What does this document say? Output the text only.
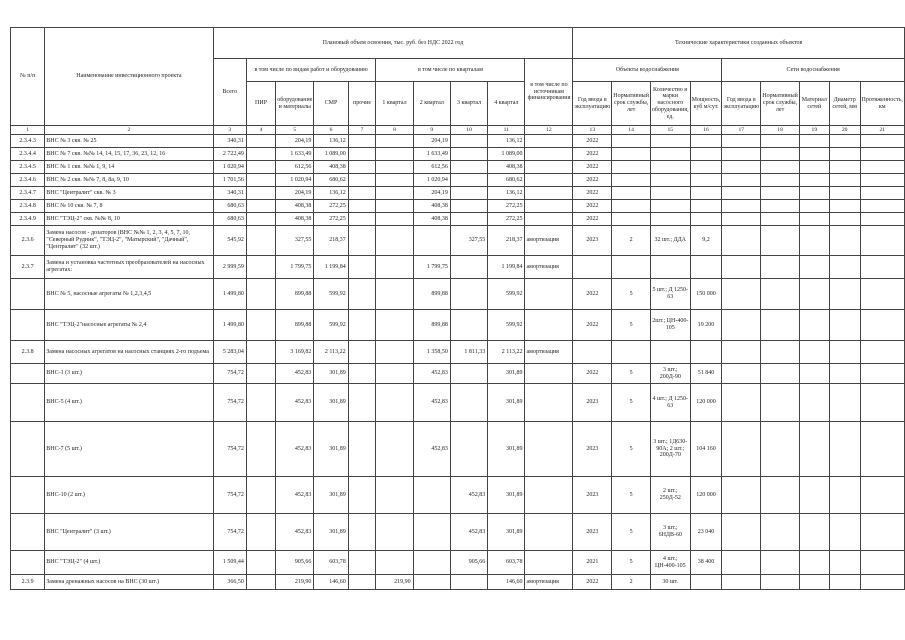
№ п/п	Наименование инвестиционного проекта	Плановый объем освоения, тыс. руб. без НДС 2022 год										Технические характеристики созданных объектов								
		Всего	в том числе по видам работ и оборудованию				в том числе по кварталам				в том числе по источникам финансирования	Объекты водоснабжения				Сети водоснабжения				
			ПИР	оборудование и материалы	СМР	прочие	1 квартал	2 квартал	3 квартал	4 квартал		Год ввода в эксплуатацию	Нормативный срок службы, лет	Количество и марки насосного оборудования, ед.	Мощность, куб м/сут.	Год ввода в эксплуатацию	Нормативный срок службы, лет	Материал сетей	Диаметр сетей, мм	Протяженность, км
1	2	3	4	5	6	7	8	9	10	11	12	13	14	15	16	17	18	19	20	21
2.3.4.3	ВНС № 3 скв. № 25	340,31		204,19	136,12			204,19		136,12		2022								
2.3.4.4	ВНС № 7 скв. №№ 14, 14, 15, 17, 36, 23, 12, 16	2 722,49		1 633,49	1 089,00			1 633,49		1 089,00		2022								
2.3.4.5	ВНС № 1 скв. №№ 1, 9, 14	1 020,94		612,56	408,38			612,56		408,38		2022								
2.3.4.6	ВНС № 2 скв. №№ 7, 8, 8а, 9, 10	1 701,56		1 020,94	680,62			1 020,94		680,62		2022								
2.3.4.7	ВНС "Централит" скв. № 3	340,31		204,19	136,12			204,19		136,12		2022								
2.3.4.8	ВНС № 10 скв. № 7, 8	680,63		408,38	272,25			408,38		272,25		2022								
2.3.4.9	ВНС "ТЭЦ-2" скв. №№ 8, 10	680,63		408,38	272,25			408,38		272,25		2022								
2.3.6	Замена насосов - дозаторов (ВНС №№ 1, 2, 3, 4, 5, 7, 10, "Северный Рудник", "ТЭЦ-2", "Матырский", "Дачный", "Централит" (32 шт.)	545,92		327,55	218,37				327,55	218,37	амортизация	2023	2	32 шт.; ДДА	9,2					
2.3.7	Замена и установка частотных преобразователей на насосных агрегатах:	2 999,59		1 799,75	1 199,84			1 799,75		1 199,84	амортизация									
	ВНС № 5, насосные агрегаты № 1,2,3,4,5	1 499,80		899,88	599,92			899,88		599,92		2022	5	5 шт.; Д 1250-63	150 000					
	ВНС "ТЭЦ-2"насосные агрегаты № 2,4	1 499,80		899,88	599,92			899,88		599,92		2022	5	2шт.; ЦН-400-105	19 200					
2.3.8	Замена насосных агрегатов на насосных станциях 2-го подъема	5 283,04		3 169,82	2 113,22			1 358,50	1 811,33	2 113,22	амортизация									
	ВНС-1 (3 шт.)	754,72		452,83	301,89			452,83		301,89		2022	5	3 шт.; 200Д-90	51 840					
	ВНС-5 (4 шт.)	754,72		452,83	301,89			452,83		301,89		2023	5	4 шт.; Д 1250-63	120 000					
	ВНС-7 (5 шт.)	754,72		452,83	301,89			452,83		301,89		2023	5	3 шт.; 1Д630-90А; 2 шт.; 200Д-70	104 160					
	ВНС-10 (2 шт.)	754,72		452,83	301,89				452,83	301,89		2023	5	2 шт.; 250Д-52	120 000					
	ВНС "Централит" (3 шт.)	754,72		452,83	301,89				452,83	301,89		2023	5	3 шт.; 6НДВ-60	23 040					
	ВНС "ТЭЦ-2" (4 шт.)	1 509,44		905,66	603,78				905,66	603,78		2021	5	4 шт.; ЦН-400-105	38 400					
2.3.9	Замена дренажных насосов на ВНС (30 шт.)	366,50		219,90	146,60		219,90			146,60	амортизация	2022	2	30 шт.						
